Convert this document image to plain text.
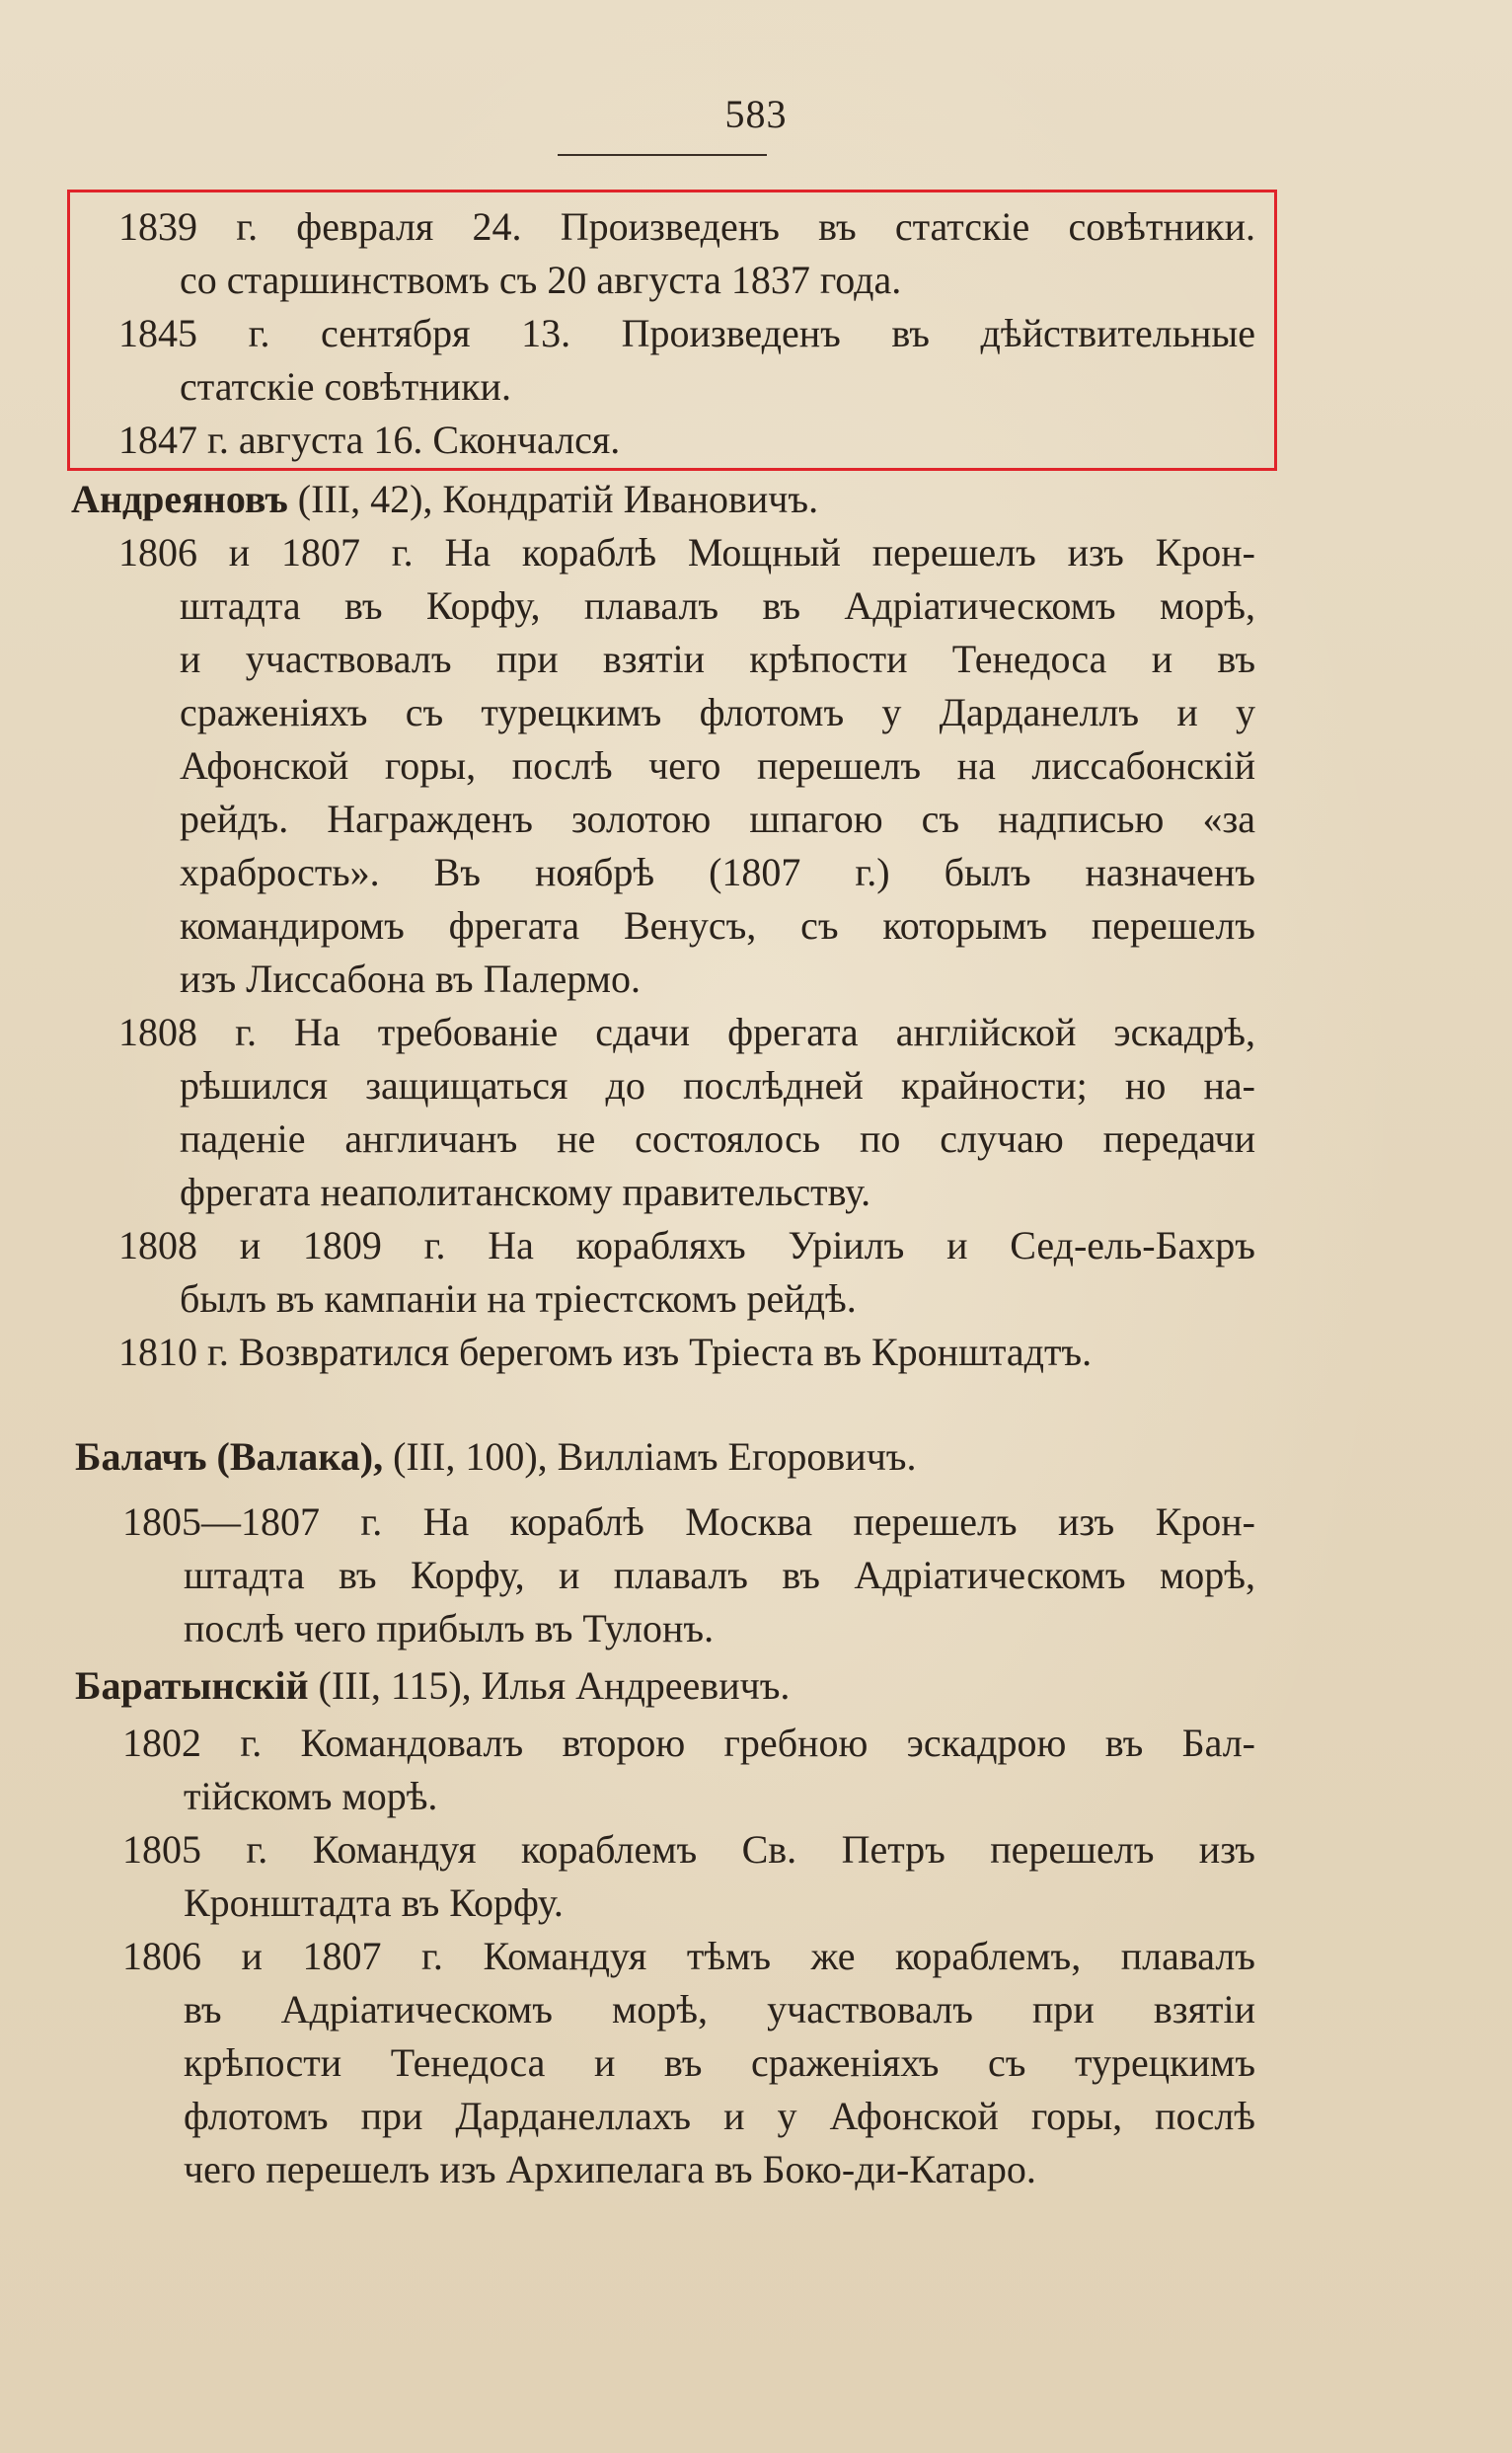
583
1839 г. февраля 24. Произведенъ въ статскіе совѣтники.
со старшинствомъ съ 20 августа 1837 года.
1845 г. сентября 13. Произведенъ въ дѣйствительные
статскіе совѣтники.
1847 г. августа 16. Скончался.
Андреяновъ (III, 42), Кондратій Ивановичъ.
1806 и 1807 г. На кораблѣ Мощный перешелъ изъ Крон-
штадта въ Корфу, плавалъ въ Адріатическомъ морѣ,
и участвовалъ при взятіи крѣпости Тенедоса и въ
сраженіяхъ съ турецкимъ флотомъ у Дарданеллъ и у
Афонской горы, послѣ чего перешелъ на лиссабонскій
рейдъ. Награжденъ золотою шпагою съ надписью «за
храбрость». Въ ноябрѣ (1807 г.) былъ назначенъ
командиромъ фрегата Венусъ, съ которымъ перешелъ
изъ Лиссабона въ Палермо.
1808 г. На требованіе сдачи фрегата англійской эскадрѣ,
рѣшился защищаться до послѣдней крайности; но на-
паденіе англичанъ не состоялось по случаю передачи
фрегата неаполитанскому правительству.
1808 и 1809 г. На корабляхъ Уріилъ и Сед-ель-Бахръ
былъ въ кампаніи на тріестскомъ рейдѣ.
1810 г. Возвратился берегомъ изъ Тріеста въ Кронштадтъ.
Балачъ (Валака), (III, 100), Вилліамъ Егоровичъ.
1805—1807 г. На кораблѣ Москва перешелъ изъ Крон-
штадта въ Корфу, и плавалъ въ Адріатическомъ морѣ,
послѣ чего прибылъ въ Тулонъ.
Баратынскій (III, 115), Илья Андреевичъ.
1802 г. Командовалъ второю гребною эскадрою въ Бал-
тійскомъ морѣ.
1805 г. Командуя кораблемъ Св. Петръ перешелъ изъ
Кронштадта въ Корфу.
1806 и 1807 г. Командуя тѣмъ же кораблемъ, плавалъ
въ Адріатическомъ морѣ, участвовалъ при взятіи
крѣпости Тенедоса и въ сраженіяхъ съ турецкимъ
флотомъ при Дарданеллахъ и у Афонской горы, послѣ
чего перешелъ изъ Архипелага въ Боко-ди-Катаро.
